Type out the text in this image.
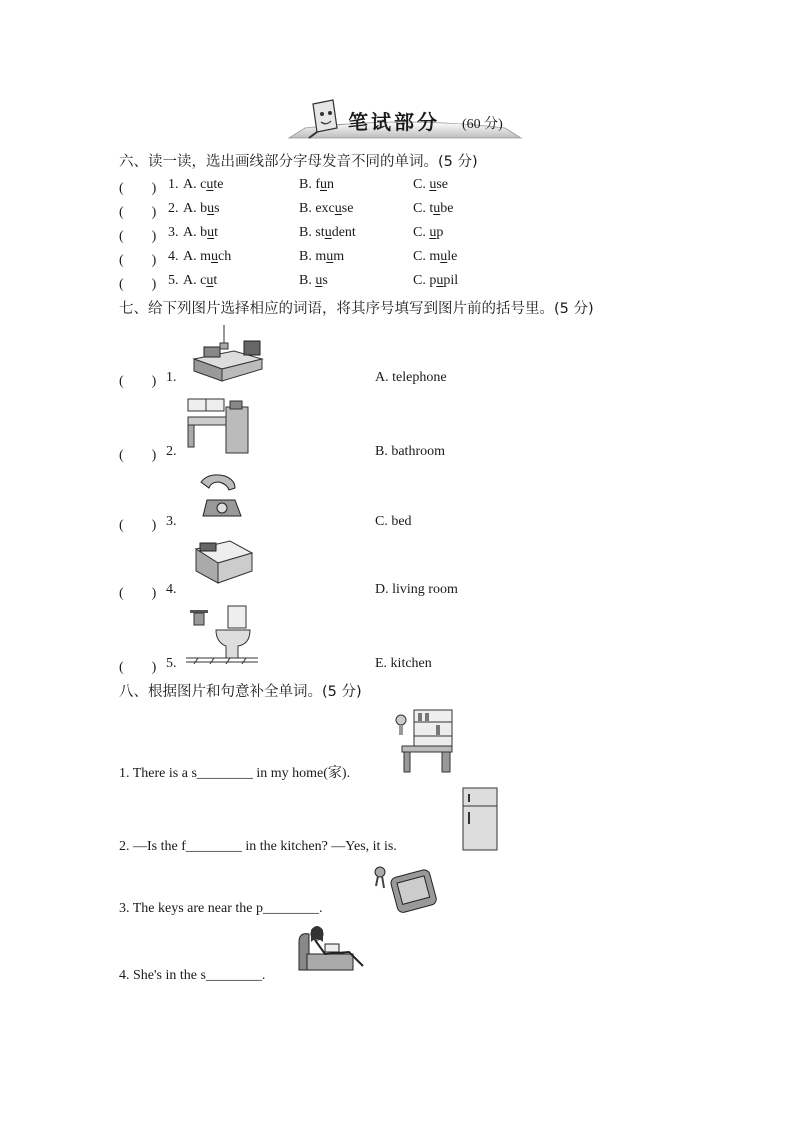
笔试部分 (60 分)
六、读一读，选出画线部分字母发音不同的单词。(5 分)
(　　) 1. A. cute	B. fun	C. use
(　　) 2. A. bus	B. excuse	C. tube
(　　) 3. A. but	B. student	C. up
(　　) 4. A. much	B. mum	C. mule
(　　) 5. A. cut	B. us	C. pupil
七、给下列图片选择相应的词语，将其序号填写到图片前的括号里。(5 分)
(　　) 1.	A. telephone
(　　) 2.	B. bathroom
(　　) 3.	C. bed
(　　) 4.	D. living room
(　　) 5.	E. kitchen
八、根据图片和句意补全单词。(5 分)
1. There is a s________ in my home(家).
2. —Is the f________ in the kitchen? —Yes, it is.
3. The keys are near the p________.
4. She's in the s________.
